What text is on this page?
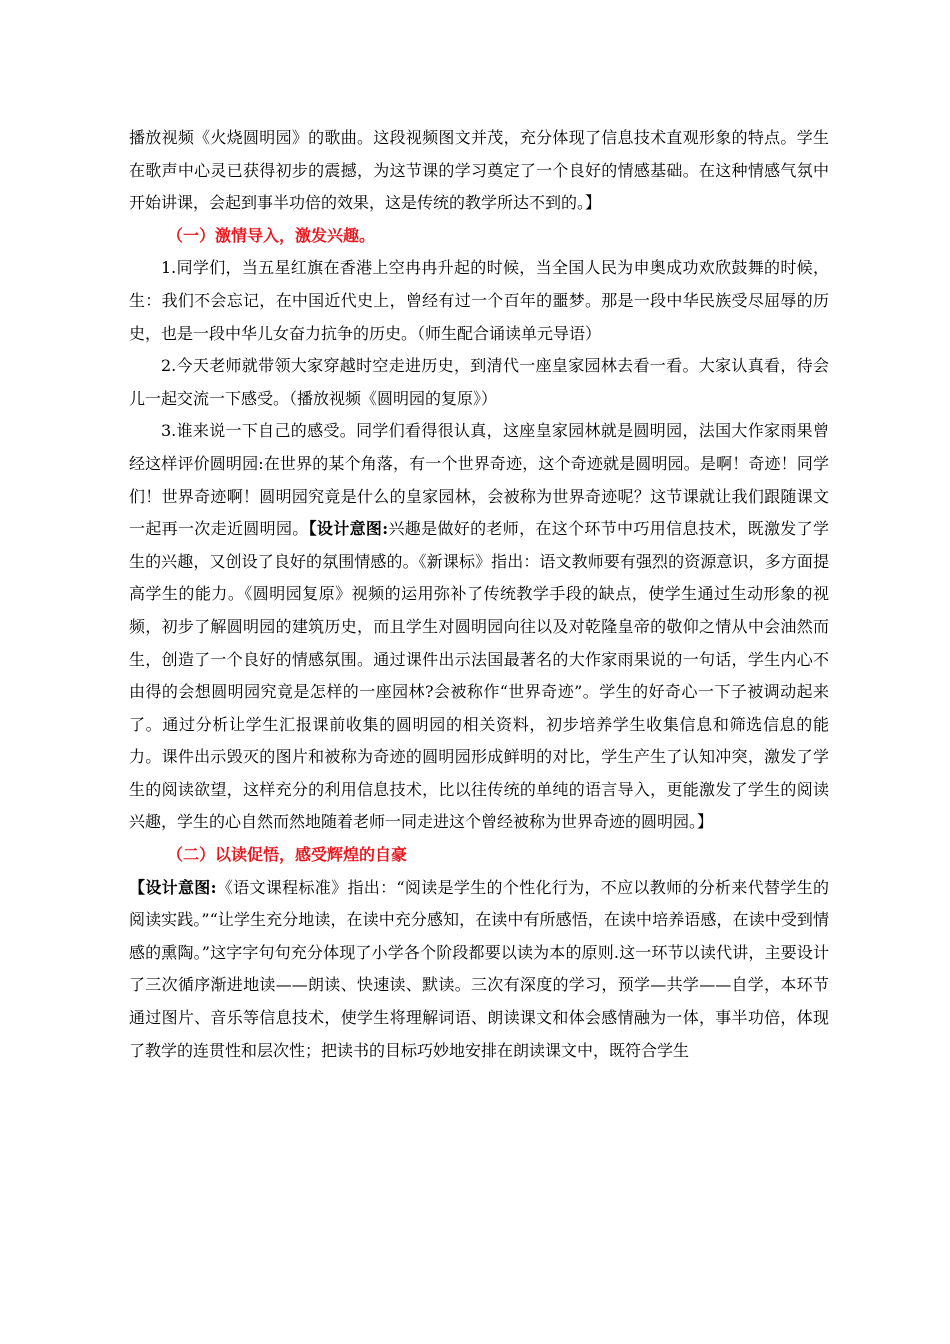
播放视频《火烧圆明园》的歌曲。这段视频图文并茂，充分体现了信息技术直观形象的特点。学生在歌声中心灵已获得初步的震撼，为这节课的学习奠定了一个良好的情感基础。在这种情感气氛中开始讲课，会起到事半功倍的效果，这是传统的教学所达不到的。】

（一）激情导入，激发兴趣。

1.同学们，当五星红旗在香港上空冉冉升起的时候，当全国人民为申奥成功欢欣鼓舞的时候，生：我们不会忘记，在中国近代史上，曾经有过一个百年的噩梦。那是一段中华民族受尽屈辱的历史，也是一段中华儿女奋力抗争的历史。（师生配合诵读单元导语）

2.今天老师就带领大家穿越时空走进历史，到清代一座皇家园林去看一看。大家认真看，待会儿一起交流一下感受。（播放视频《圆明园的复原》）

3.谁来说一下自己的感受。同学们看得很认真，这座皇家园林就是圆明园，法国大作家雨果曾经这样评价圆明园:在世界的某个角落，有一个世界奇迹，这个奇迹就是圆明园。是啊！奇迹！同学们！世界奇迹啊！圆明园究竟是什么的皇家园林，会被称为世界奇迹呢？这节课就让我们跟随课文一起再一次走近圆明园。【设计意图:兴趣是做好的老师，在这个环节中巧用信息技术，既激发了学生的兴趣，又创设了良好的氛围情感的。《新课标》指出：语文教师要有强烈的资源意识，多方面提高学生的能力。《圆明园复原》视频的运用弥补了传统教学手段的缺点，使学生通过生动形象的视频，初步了解圆明园的建筑历史，而且学生对圆明园向往以及对乾隆皇帝的敬仰之情从中会油然而生，创造了一个良好的情感氛围。通过课件出示法国最著名的大作家雨果说的一句话，学生内心不由得的会想圆明园究竟是怎样的一座园林?会被称作“世界奇迹”。学生的好奇心一下子被调动起来了。通过分析让学生汇报课前收集的圆明园的相关资料，初步培养学生收集信息和筛选信息的能力。课件出示毁灭的图片和被称为奇迹的圆明园形成鲜明的对比，学生产生了认知冲突，激发了学生的阅读欲望，这样充分的利用信息技术，比以往传统的单纯的语言导入，更能激发了学生的阅读兴趣，学生的心自然而然地随着老师一同走进这个曾经被称为世界奇迹的圆明园。】

（二）以读促悟，感受辉煌的自豪

【设计意图:《语文课程标准》指出：“阅读是学生的个性化行为，不应以教师的分析来代替学生的阅读实践。”“让学生充分地读，在读中充分感知，在读中有所感悟，在读中培养语感，在读中受到情感的熏陶。”这字字句句充分体现了小学各个阶段都要以读为本的原则.这一环节以读代讲，主要设计了三次循序渐进地读——朗读、快速读、默读。三次有深度的学习，预学—共学——自学，本环节通过图片、音乐等信息技术，使学生将理解词语、朗读课文和体会感情融为一体，事半功倍，体现了教学的连贯性和层次性；把读书的目标巧妙地安排在朗读课文中，既符合学生
